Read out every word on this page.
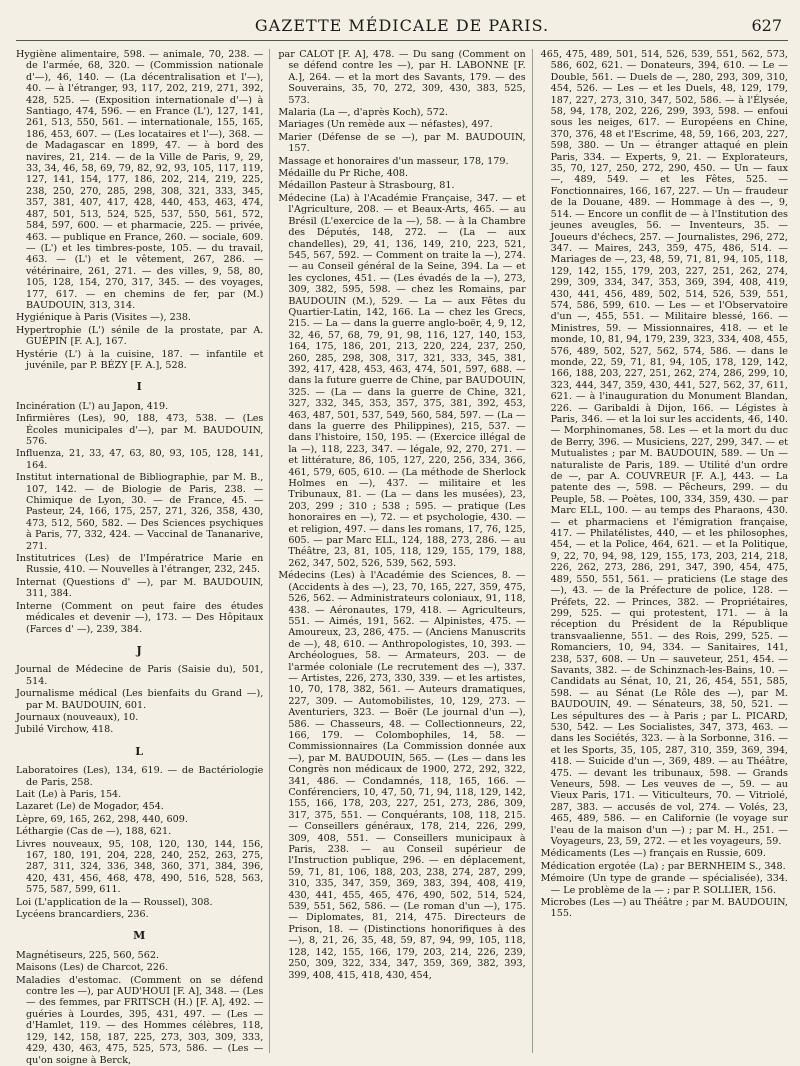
GAZETTE MÉDICALE DE PARIS.	627

Hygiène alimentaire, 598. — animale, 70, 238. — de l'armée, 68, 320. — (Commission nationale d'—), 46, 140. — (La décentralisation et l'—), 40. — à l'étranger, 93, 117, 202, 219, 271, 392, 428, 525. — (Exposition internationale d'—) à Santiago, 474, 596. — en France (L'), 127, 141, 261, 513, 550, 561. — internationale, 155, 165, 186, 453, 607. — (Les locataires et l'—), 368. — de Madagascar en 1899, 47. — à bord des navires, 21, 214. — de la Ville de Paris, 9, 29, 33, 34, 46, 58, 69, 79, 82, 92, 93, 105, 117, 119, 127, 141, 154, 177, 186, 202, 214, 219, 225, 238, 250, 270, 285, 298, 308, 321, 333, 345, 357, 381, 407, 417, 428, 440, 453, 463, 474, 487, 501, 513, 524, 525, 537, 550, 561, 572, 584, 597, 600. — et pharmacie, 225. — privée, 463. — publique en France, 260. — sociale, 609. — (L') et les timbres-poste, 105. — du travail, 463. — (L') et le vêtement, 267, 286. — vétérinaire, 261, 271. — des villes, 9, 58, 80, 105, 128, 154, 270, 317, 345. — des voyages, 177, 617. — en chemins de fer, par (M.) BAUDOUIN, 313, 314.

Hygiénique à Paris (Visites —), 238.

Hypertrophie (L') sénile de la prostate, par A. GUÉPIN [F. A.], 167.

Hystérie (L') à la cuisine, 187. — infantile et juvénile, par P. BÉZY [F. A.], 528.

I

Incinération (L') au Japon, 419.

Infirmières (Les), 90, 188, 473, 538. — (Les Écoles municipales d'—), par M. BAUDOUIN, 576.

Influenza, 21, 33, 47, 63, 80, 93, 105, 128, 141, 164.

Institut international de Bibliographie, par M. B., 107, 142. — de Biologie de Paris, 238. — Chimique de Lyon, 30. — de France, 45. — Pasteur, 24, 166, 175, 257, 271, 326, 358, 430, 473, 512, 560, 582. — Des Sciences psychiques à Paris, 77, 332, 424. — Vaccinal de Tananarive, 271.

Institutrices (Les) de l'Impératrice Marie en Russie, 410. — Nouvelles à l'étranger, 232, 245.

Internat (Questions d' —), par M. BAUDOUIN, 311, 384.

Interne (Comment on peut faire des études médicales et devenir —), 173. — Des Hôpitaux (Farces d' —), 239, 384.

J

Journal de Médecine de Paris (Saisie du), 501, 514.

Journalisme médical (Les bienfaits du Grand —), par M. BAUDOUIN, 601.

Journaux (nouveaux), 10.

Jubilé Virchow, 418.

L

Laboratoires (Les), 134, 619. — de Bactériologie de Paris, 258.

Lait (Le) à Paris, 154.

Lazaret (Le) de Mogador, 454.

Lèpre, 69, 165, 262, 298, 440, 609.

Léthargie (Cas de —), 188, 621.

Livres nouveaux, 95, 108, 120, 130, 144, 156, 167, 180, 191, 204, 228, 240, 252, 263, 275, 287, 311, 324, 336, 348, 360, 371, 384, 396, 420, 431, 456, 468, 478, 490, 516, 528, 563, 575, 587, 599, 611.

Loi (L'application de la — Roussel), 308.

Lycéens brancardiers, 236.

M

Magnétiseurs, 225, 560, 562.

Maisons (Les) de Charcot, 226.

Maladies d'estomac. (Comment on se défend contre les —), par AUD'HOUI [F. A], 348. — (Les — des femmes, par FRITSCH (H.) [F. A], 492. — guéries à Lourdes, 395, 431, 497. — (Les — d'Hamlet, 119. — des Hommes célèbres, 118, 129, 142, 158, 187, 225, 273, 303, 309, 333, 429, 430, 463, 475, 525, 573, 586. — (Les — qu'on soigne à Berck,

par CALOT [F. A], 478. — Du sang (Comment on se défend contre les —), par H. LABONNE [F. A.], 264. — et la mort des Savants, 179. — des Souverains, 35, 70, 272, 309, 430, 383, 525, 573.

Malaria (La —, d'après Koch), 572.

Mariages (Un remède aux — néfastes), 497.

Marier (Défense de se —), par M. BAUDOUIN, 157.

Massage et honoraires d'un masseur, 178, 179.

Médaille du Pr Riche, 408.

Médaillon Pasteur à Strasbourg, 81.

Médecine (La) à l'Académie Française, 347. — et l'Agriculture, 208. — et Beaux-Arts, 465. — au Brésil (L'exercice de la —), 58. — à la Chambre des Députés, 148, 272. — (La — aux chandelles), 29, 41, 136, 149, 210, 223, 521, 545, 567, 592. — Comment on traite la —), 274. — au Conseil général de la Seine, 394. La — et les cyclones, 451. — (Les évadés de la —), 273, 309, 382, 595, 598. — chez les Romains, par BAUDOUIN (M.), 529. — La — aux Fêtes du Quartier-Latin, 142, 166. La — chez les Grecs, 215. — La — dans la guerre anglo-boër, 4, 9, 12, 32, 46, 57, 68, 79, 91, 98, 116, 127, 140, 153, 164, 175, 186, 201, 213, 220, 224, 237, 250, 260, 285, 298, 308, 317, 321, 333, 345, 381, 392, 417, 428, 453, 463, 474, 501, 597, 688. — dans la future guerre de Chine, par BAUDOUIN, 325. — (La — dans la guerre de Chine, 321, 327, 332, 345, 353, 357, 375, 381, 392, 453, 463, 487, 501, 537, 549, 560, 584, 597. — (La — dans la guerre des Philippines), 215, 537. — dans l'histoire, 150, 195. — (Exercice illégal de la —), 118, 223, 347. — légale, 92, 270, 271. — et littérature, 86, 105, 127, 220, 256, 334, 366, 461, 579, 605, 610. — (La méthode de Sherlock Holmes en —), 437. — militaire et les Tribunaux, 81. — (La — dans les musées), 23, 203, 299 ; 310 ; 538 ; 595. — pratique (Les honoraires en —), 72. — et psychologie, 430. — et religion, 497. — dans les romans, 17, 76, 125, 605. — par Marc ELL, 124, 188, 273, 286. — au Théâtre, 23, 81, 105, 118, 129, 155, 179, 188, 262, 347, 502, 526, 539, 562, 593.

Médecins (Les) à l'Académie des Sciences, 8. — (Accidents à des —), 23, 70, 165, 227, 359, 475, 526, 562. — Administrateurs coloniaux, 91, 118, 438. — Aéronautes, 179, 418. — Agriculteurs, 551. — Aimés, 191, 562. — Alpinistes, 475. — Amoureux, 23, 286, 475. — (Anciens Manuscrits de —), 48, 610. — Anthropologistes, 10, 393. — Archéologues, 58. — Armateurs, 203. — de l'armée coloniale (Le recrutement des —), 337. — Artistes, 226, 273, 330, 339. — et les artistes, 10, 70, 178, 382, 561. — Auteurs dramatiques, 227, 309. — Automobilistes, 10, 129, 273. — Aventuriers, 323. — Boër (Le journal d'un —), 586. — Chasseurs, 48. — Collectionneurs, 22, 166, 179. — Colombophiles, 14, 58. — Commissionnaires (La Commission donnée aux —), par M. BAUDOUIN, 565. — (Les — dans les Congrès non médicaux de 1900, 272, 292, 322, 341, 486. — Condamnés, 118, 165, 166. — Conférenciers, 10, 47, 50, 71, 94, 118, 129, 142, 155, 166, 178, 203, 227, 251, 273, 286, 309, 317, 375, 551. — Conquérants, 108, 118, 215. — Conseillers généraux, 178, 214, 226, 299, 309, 408, 551. — Conseillers municipaux à Paris, 238. — au Conseil supérieur de l'Instruction publique, 296. — en déplacement, 59, 71, 81, 106, 188, 203, 238, 274, 287, 299, 310, 335, 347, 359, 369, 383, 394, 408, 419, 430, 441, 455, 465, 476, 490, 502, 514, 524, 539, 551, 562, 586. — (Le roman d'un —), 175. — Diplomates, 81, 214, 475. Directeurs de Prison, 18. — (Distinctions honorifiques à des —), 8, 21, 26, 35, 48, 59, 87, 94, 99, 105, 118, 128, 142, 155, 166, 179, 203, 214, 226, 239, 250, 309, 322, 334, 347, 359, 369, 382, 393, 399, 408, 415, 418, 430, 454,

465, 475, 489, 501, 514, 526, 539, 551, 562, 573, 586, 602, 621. — Donateurs, 394, 610. — Le — Double, 561. — Duels de —, 280, 293, 309, 310, 454, 526. — Les — et les Duels, 48, 129, 179, 187, 227, 273, 310, 347, 502, 586. — à l'Élysée, 58, 94, 178, 202, 226, 299, 393, 598. — enfoui sous les neiges, 617. — Européens en Chine, 370, 376, 48 et l'Escrime, 48, 59, 166, 203, 227, 598, 380. — Un — étranger attaqué en plein Paris, 334. — Experts, 9, 21. — Explorateurs, 35, 70, 127, 250, 272, 290, 450. — Un — faux —, 489, 549. — et les Fêtes, 525. — Fonctionnaires, 166, 167, 227. — Un — fraudeur de la Douane, 489. — Hommage à des —, 9, 514. — Encore un conflit de — à l'Institution des jeunes aveugles, 56. — Inventeurs, 35. — Joueurs d'échecs, 257. — Journalistes, 296, 272, 347. — Maires, 243, 359, 475, 486, 514. — Mariages de —, 23, 48, 59, 71, 81, 94, 105, 118, 129, 142, 155, 179, 203, 227, 251, 262, 274, 299, 309, 334, 347, 353, 369, 394, 408, 419, 430, 441, 456, 489, 502, 514, 526, 539, 551, 574, 586, 599, 610. — Les — et l'Observatoire d'un —, 455, 551. — Militaire blessé, 166. — Ministres, 59. — Missionnaires, 418. — et le monde, 10, 81, 94, 179, 239, 323, 334, 408, 455, 576, 489, 502, 527, 562, 574, 586. — dans le monde, 22, 59, 71, 81, 94, 105, 178, 129, 142, 166, 188, 203, 227, 251, 262, 274, 286, 299, 10, 323, 444, 347, 359, 430, 441, 527, 562, 37, 611, 621. — à l'inauguration du Monument Blandan, 226. — Garibaldi à Dijon, 166. — Légistes à Paris, 346. — et la loi sur les accidents, 46, 140. — Morphinomanes, 58. Les — et la mort du duc de Berry, 396. — Musiciens, 227, 299, 347. — et Mutualistes ; par M. BAUDOUIN, 589. — Un — naturaliste de Paris, 189. — Utilité d'un ordre de —, par A. COUVREUR [F. A.], 443. — La patente des —, 598. — Pêcheurs, 299. — du Peuple, 58. — Poètes, 100, 334, 359, 430. — par Marc ELL, 100. — au temps des Pharaons, 430. — et pharmaciens et l'émigration française, 417. — Philatélistes, 440, — et les philosophes, 454, — et la Police, 464, 621. — et la Politique, 9, 22, 70, 94, 98, 129, 155, 173, 203, 214, 218, 226, 262, 273, 286, 291, 347, 390, 454, 475, 489, 550, 551, 561. — praticiens (Le stage des —), 43. — de la Préfecture de police, 128. — Préfets, 22. — Princes, 382. — Propriétaires, 299, 525. — qui protestent, 171. — à la réception du Président de la République transvaalienne, 551. — des Rois, 299, 525. — Romanciers, 10, 94, 334. — Sanitaires, 141, 238, 537, 608. — Un — sauveteur, 251, 454. — Savants, 382. — de Schinznach-les-Bains, 10. — Candidats au Sénat, 10, 21, 26, 454, 551, 585, 598. — au Sénat (Le Rôle des —), par M. BAUDOUIN, 49. — Sénateurs, 38, 50, 521. — Les sépultures des — à Paris ; par L. PICARD, 530, 542. — Les Socialistes, 347, 373, 463. — dans les Sociétés, 323. — à la Sorbonne, 316. — et les Sports, 35, 105, 287, 310, 359, 369, 394, 418. — Suicide d'un —, 369, 489. — au Théâtre, 475. — devant les tribunaux, 598. — Grands Veneurs, 598. — Les veuves de —, 59. — au Vieux Paris, 171. — Viticulteurs, 70. — Vitriolé, 287, 383. — accusés de vol, 274. — Volés, 23, 465, 489, 586. — en Californie (le voyage sur l'eau de la maison d'un —) ; par M. H., 251. — Voyageurs, 23, 59, 272. — et les voyageurs, 59.

Médicaments (Les —) français en Russie, 609.

Médication ergotée (La) ; par BERNHEIM S., 348.

Mémoire (Un type de grande — spécialisée), 334. — Le problème de la — ; par P. SOLLIER, 156.

Microbes (Les —) au Théâtre ; par M. BAUDOUIN, 155.
